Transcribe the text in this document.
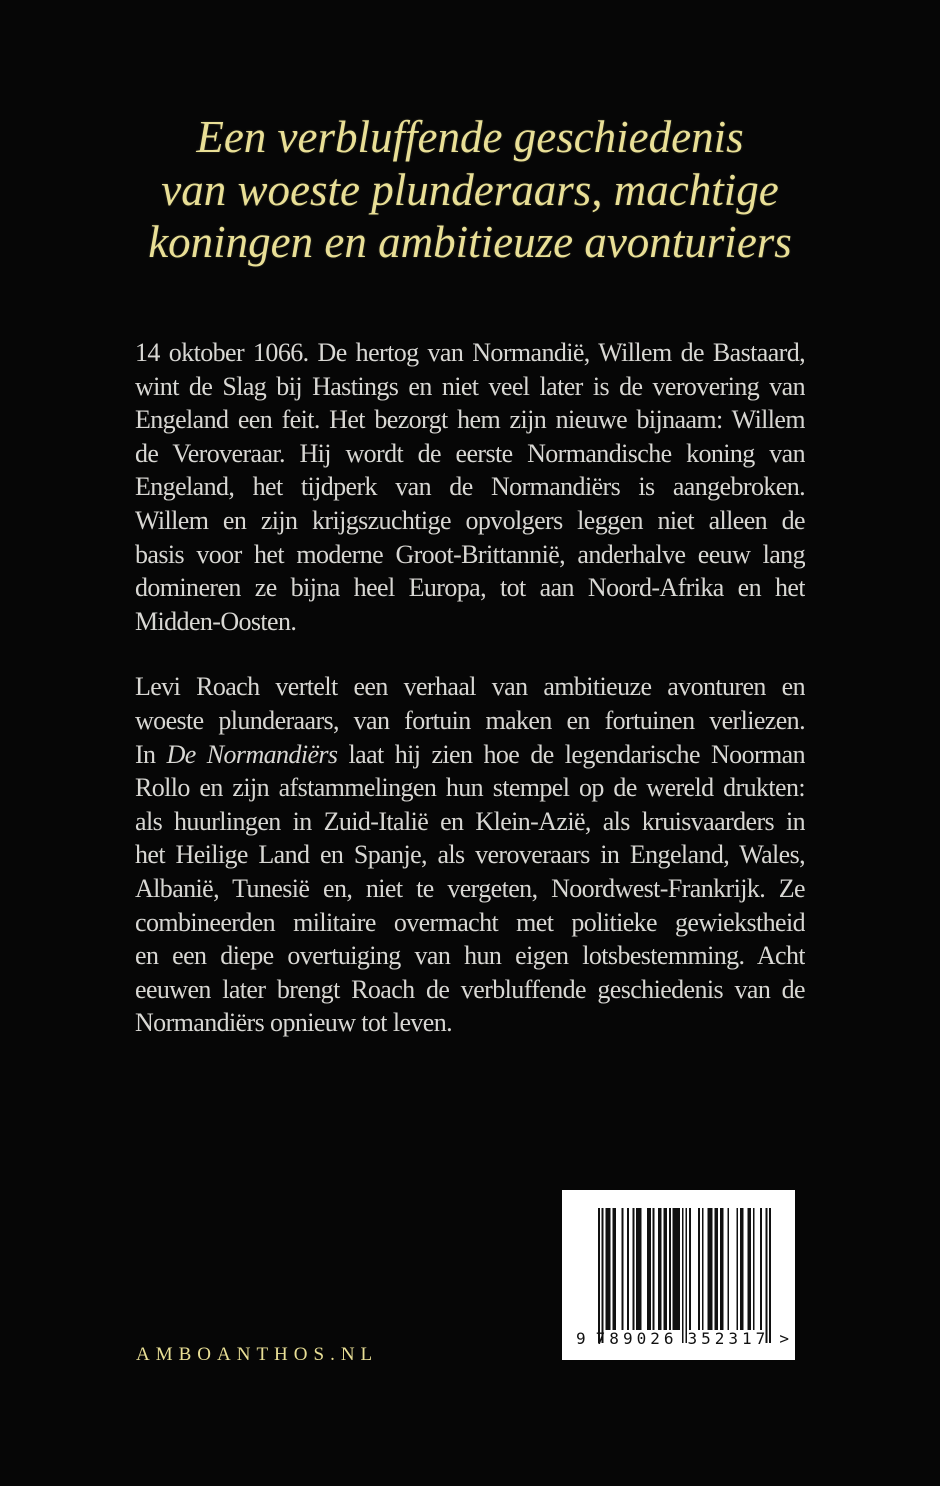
Een verbluffende geschiedenis
van woeste plunderaars, machtige
koningen en ambitieuze avonturiers
14 oktober 1066. De hertog van Normandië, Willem de Bastaard,
wint de Slag bij Hastings en niet veel later is de verovering van
Engeland een feit. Het bezorgt hem zijn nieuwe bijnaam: Willem
de Veroveraar. Hij wordt de eerste Normandische koning van
Engeland, het tijdperk van de Normandiërs is aangebroken.
Willem en zijn krijgszuchtige opvolgers leggen niet alleen de
basis voor het moderne Groot-Brittannië, anderhalve eeuw lang
domineren ze bijna heel Europa, tot aan Noord-Afrika en het
Midden-Oosten.
Levi Roach vertelt een verhaal van ambitieuze avonturen en
woeste plunderaars, van fortuin maken en fortuinen verliezen.
In De Normandiërs laat hij zien hoe de legendarische Noorman
Rollo en zijn afstammelingen hun stempel op de wereld drukten:
als huurlingen in Zuid-Italië en Klein-Azië, als kruisvaarders in
het Heilige Land en Spanje, als veroveraars in Engeland, Wales,
Albanië, Tunesië en, niet te vergeten, Noordwest-Frankrijk. Ze
combineerden militaire overmacht met politieke gewiekstheid
en een diepe overtuiging van hun eigen lotsbestemming. Acht
eeuwen later brengt Roach de verbluffende geschiedenis van de
Normandiërs opnieuw tot leven.
AMBOANTHOS.NL
9 789026 352317 >
